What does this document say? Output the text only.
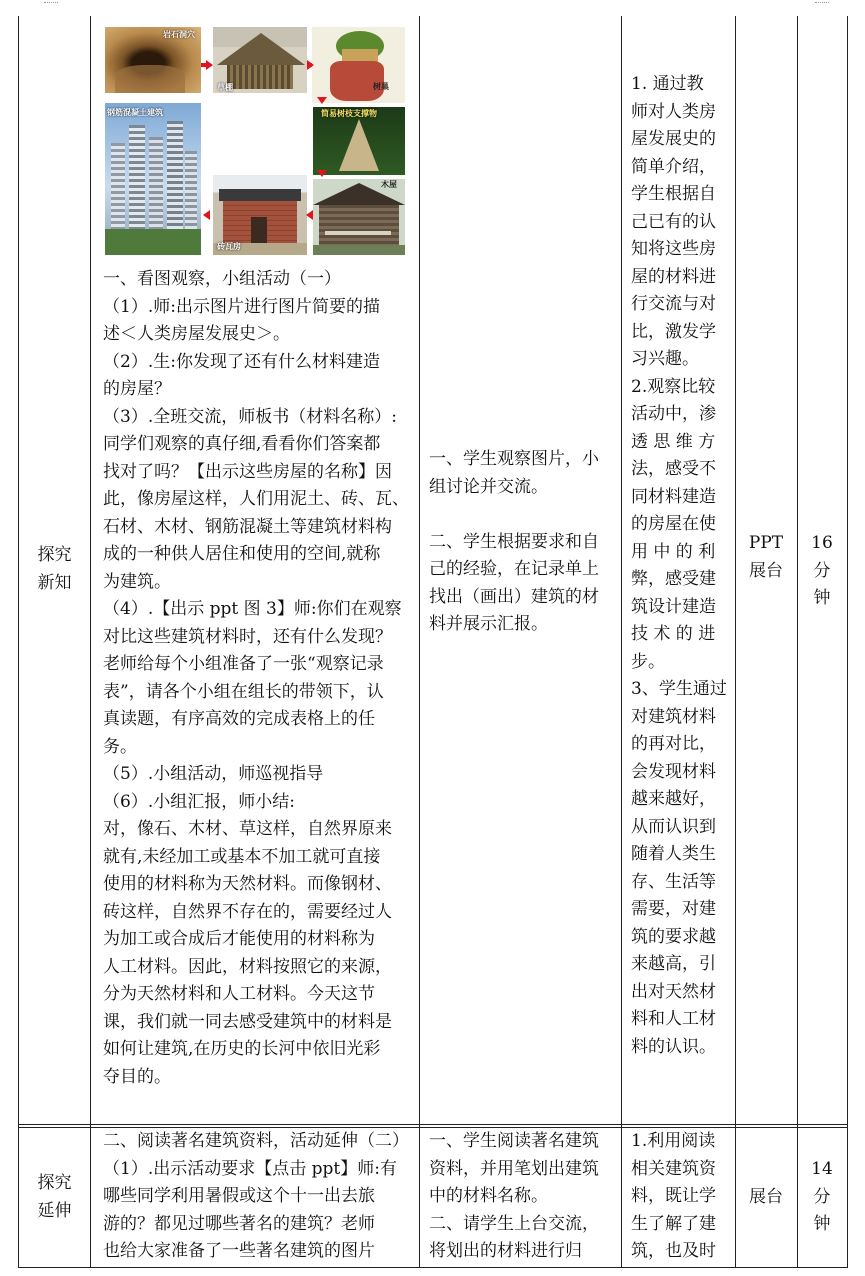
探究

新知

岩石洞穴
草棚	树巢
钢筋混凝土建筑
砖瓦房
简易树枝支撑物
木屋

一、看图观察，小组活动（一）

（1）.师:出示图片进行图片简要的描

述＜人类房屋发展史＞。

（2）.生:你发现了还有什么材料建造

的房屋？

（3）.全班交流，师板书（材料名称）:

同学们观察的真仔细,看看你们答案都

找对了吗？【出示这些房屋的名称】因

此，像房屋这样，人们用泥土、砖、瓦、

石材、木材、钢筋混凝土等建筑材料构

成的一种供人居住和使用的空间,就称

为建筑。

（4）.【出示 ppt 图 3】师:你们在观察

对比这些建筑材料时，还有什么发现？

老师给每个小组准备了一张“观察记录

表”，请各个小组在组长的带领下，认

真读题，有序高效的完成表格上的任

务。

（5）.小组活动，师巡视指导

（6）.小组汇报，师小结:

对，像石、木材、草这样，自然界原来

就有,未经加工或基本不加工就可直接

使用的材料称为天然材料。而像钢材、

砖这样，自然界不存在的，需要经过人

为加工或合成后才能使用的材料称为

人工材料。因此，材料按照它的来源，

分为天然材料和人工材料。今天这节

课，我们就一同去感受建筑中的材料是

如何让建筑,在历史的长河中依旧光彩

夺目的。

一、学生观察图片，小

组讨论并交流。

二、学生根据要求和自

己的经验，在记录单上

找出（画出）建筑的材

料并展示汇报。

1. 通过教

师对人类房

屋发展史的

简单介绍，

学生根据自

己已有的认

知将这些房

屋的材料进

行交流与对

比，激发学

习兴趣。

2.观察比较

活动中，渗

透 思 维 方

法，感受不

同材料建造

的房屋在使

用 中 的 利

弊，感受建

筑设计建造

技 术 的 进

步。

3、学生通过

对建筑材料

的再对比，

会发现材料

越来越好，

从而认识到

随着人类生

存、生活等

需要，对建

筑的要求越

来越高，引

出对天然材

料和人工材

料的认识。

PPT

展台

16

分

钟

探究

延伸

二、阅读著名建筑资料，活动延伸（二）

（1）.出示活动要求【点击 ppt】师:有

哪些同学利用暑假或这个十一出去旅

游的？都见过哪些著名的建筑？老师

也给大家准备了一些著名建筑的图片

一、学生阅读著名建筑

资料，并用笔划出建筑

中的材料名称。

二、请学生上台交流，

将划出的材料进行归

1.利用阅读

相关建筑资

料，既让学

生了解了建

筑，也及时

展台

14

分

钟
